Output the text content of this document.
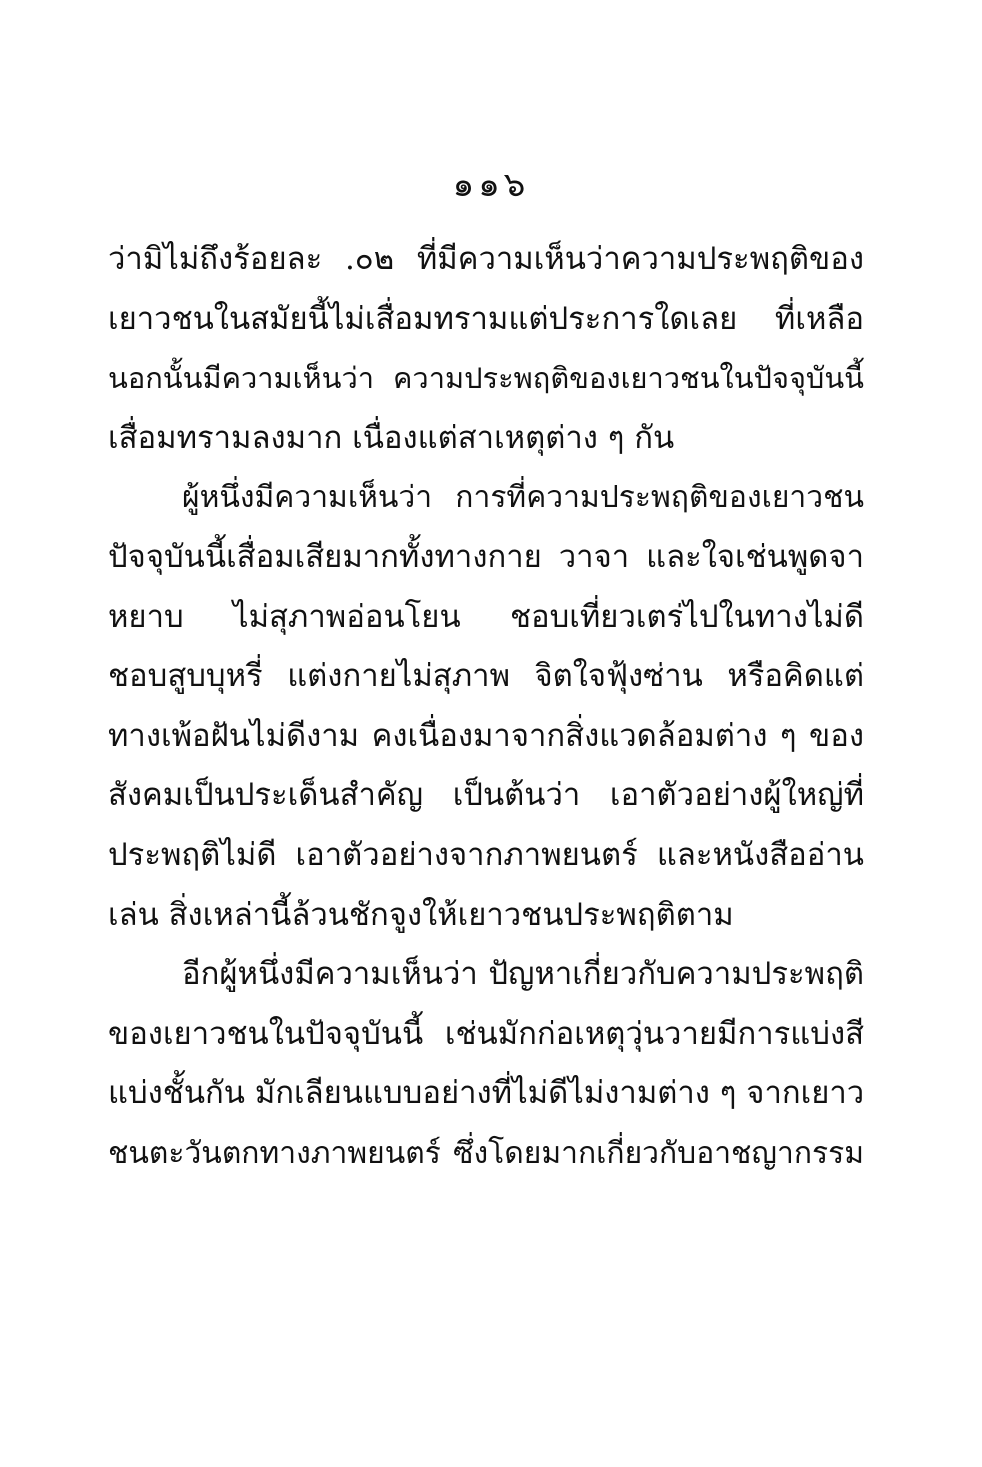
๑๑๖
ว่ามิไม่ถึงร้อยละ .๐๒ ที่มีความเห็นว่าความประพฤติของ
เยาวชนในสมัยนี้ไม่เสื่อมทรามแต่ประการใดเลย ที่เหลือ
นอกนั้นมีความเห็นว่า ความประพฤติของเยาวชนในปัจจุบันนี้
เสื่อมทรามลงมาก เนื่องแต่สาเหตุต่าง ๆ กัน
ผู้หนึ่งมีความเห็นว่า การที่ความประพฤติของเยาวชน
ปัจจุบันนี้เสื่อมเสียมากทั้งทางกาย วาจา และใจเช่นพูดจา
หยาบ ไม่สุภาพอ่อนโยน ชอบเที่ยวเตร่ไปในทางไม่ดี
ชอบสูบบุหรี่ แต่งกายไม่สุภาพ จิตใจฟุ้งซ่าน หรือคิดแต่
ทางเพ้อฝันไม่ดีงาม คงเนื่องมาจากสิ่งแวดล้อมต่าง ๆ ของ
สังคมเป็นประเด็นสำคัญ เป็นต้นว่า เอาตัวอย่างผู้ใหญ่ที่
ประพฤติไม่ดี เอาตัวอย่างจากภาพยนตร์ และหนังสืออ่าน
เล่น สิ่งเหล่านี้ล้วนชักจูงให้เยาวชนประพฤติตาม
อีกผู้หนึ่งมีความเห็นว่า ปัญหาเกี่ยวกับความประพฤติ
ของเยาวชนในปัจจุบันนี้ เช่นมักก่อเหตุวุ่นวายมีการแบ่งสี
แบ่งชั้นกัน มักเลียนแบบอย่างที่ไม่ดีไม่งามต่าง ๆ จากเยาว
ชนตะวันตกทางภาพยนตร์ ซึ่งโดยมากเกี่ยวกับอาชญากรรม
